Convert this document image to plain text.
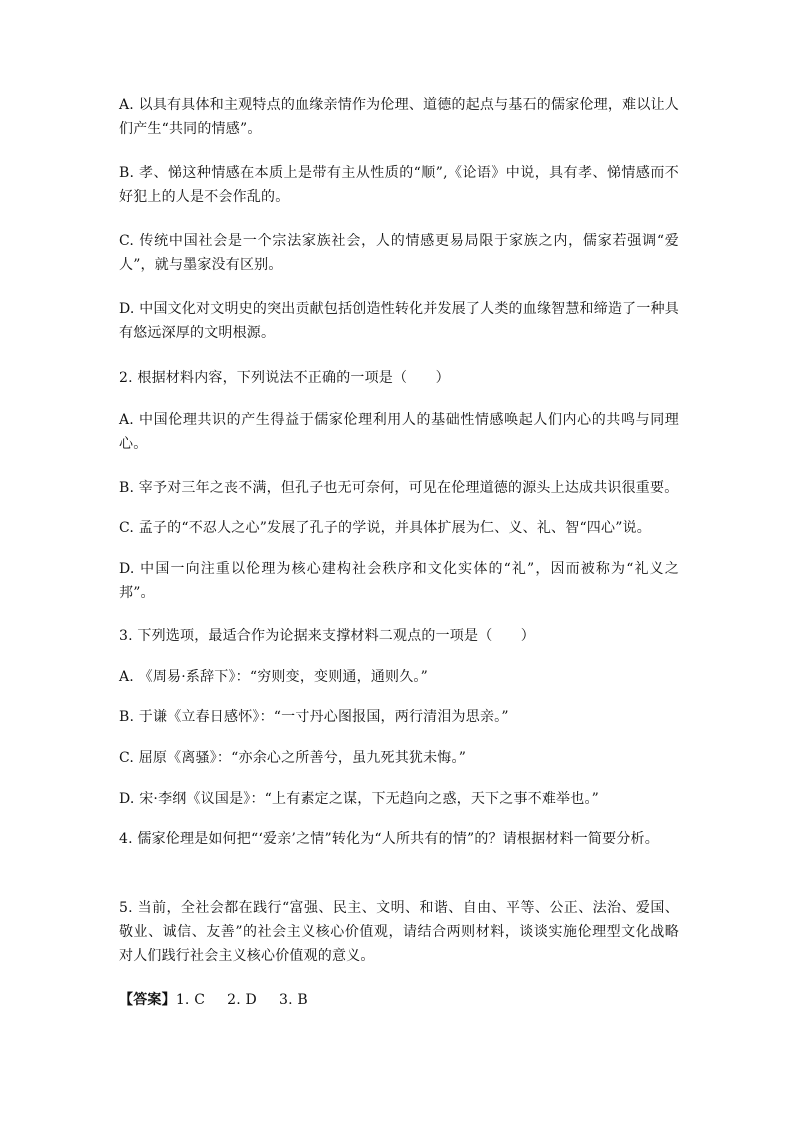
A. 以具有具体和主观特点的血缘亲情作为伦理、道德的起点与基石的儒家伦理，难以让人们产生“共同的情感”。

B. 孝、悌这种情感在本质上是带有主从性质的“顺”,《论语》中说，具有孝、悌情感而不好犯上的人是不会作乱的。

C. 传统中国社会是一个宗法家族社会，人的情感更易局限于家族之内，儒家若强调“爱人”，就与墨家没有区别。

D. 中国文化对文明史的突出贡献包括创造性转化并发展了人类的血缘智慧和缔造了一种具有悠远深厚的文明根源。

2. 根据材料内容，下列说法不正确的一项是（　　）

A. 中国伦理共识的产生得益于儒家伦理利用人的基础性情感唤起人们内心的共鸣与同理心。

B. 宰予对三年之丧不满，但孔子也无可奈何，可见在伦理道德的源头上达成共识很重要。

C. 孟子的“不忍人之心”发展了孔子的学说，并具体扩展为仁、义、礼、智“四心”说。

D. 中国一向注重以伦理为核心建构社会秩序和文化实体的“礼”，因而被称为“礼义之邦”。

3. 下列选项，最适合作为论据来支撑材料二观点的一项是（　　）

A. 《周易·系辞下》：“穷则变，变则通，通则久。”

B. 于谦《立春日感怀》：“一寸丹心图报国，两行清泪为思亲。”

C. 屈原《离骚》：“亦余心之所善兮，虽九死其犹未悔。”

D. 宋·李纲《议国是》：“上有素定之谋，下无趋向之惑，天下之事不难举也。”

4. 儒家伦理是如何把“‘爱亲’之情”转化为“人所共有的情”的？请根据材料一简要分析。

5. 当前，全社会都在践行“富强、民主、文明、和谐、自由、平等、公正、法治、爱国、敬业、诚信、友善”的社会主义核心价值观，请结合两则材料，谈谈实施伦理型文化战略对人们践行社会主义核心价值观的意义。

【答案】1. C 2. D 3. B
